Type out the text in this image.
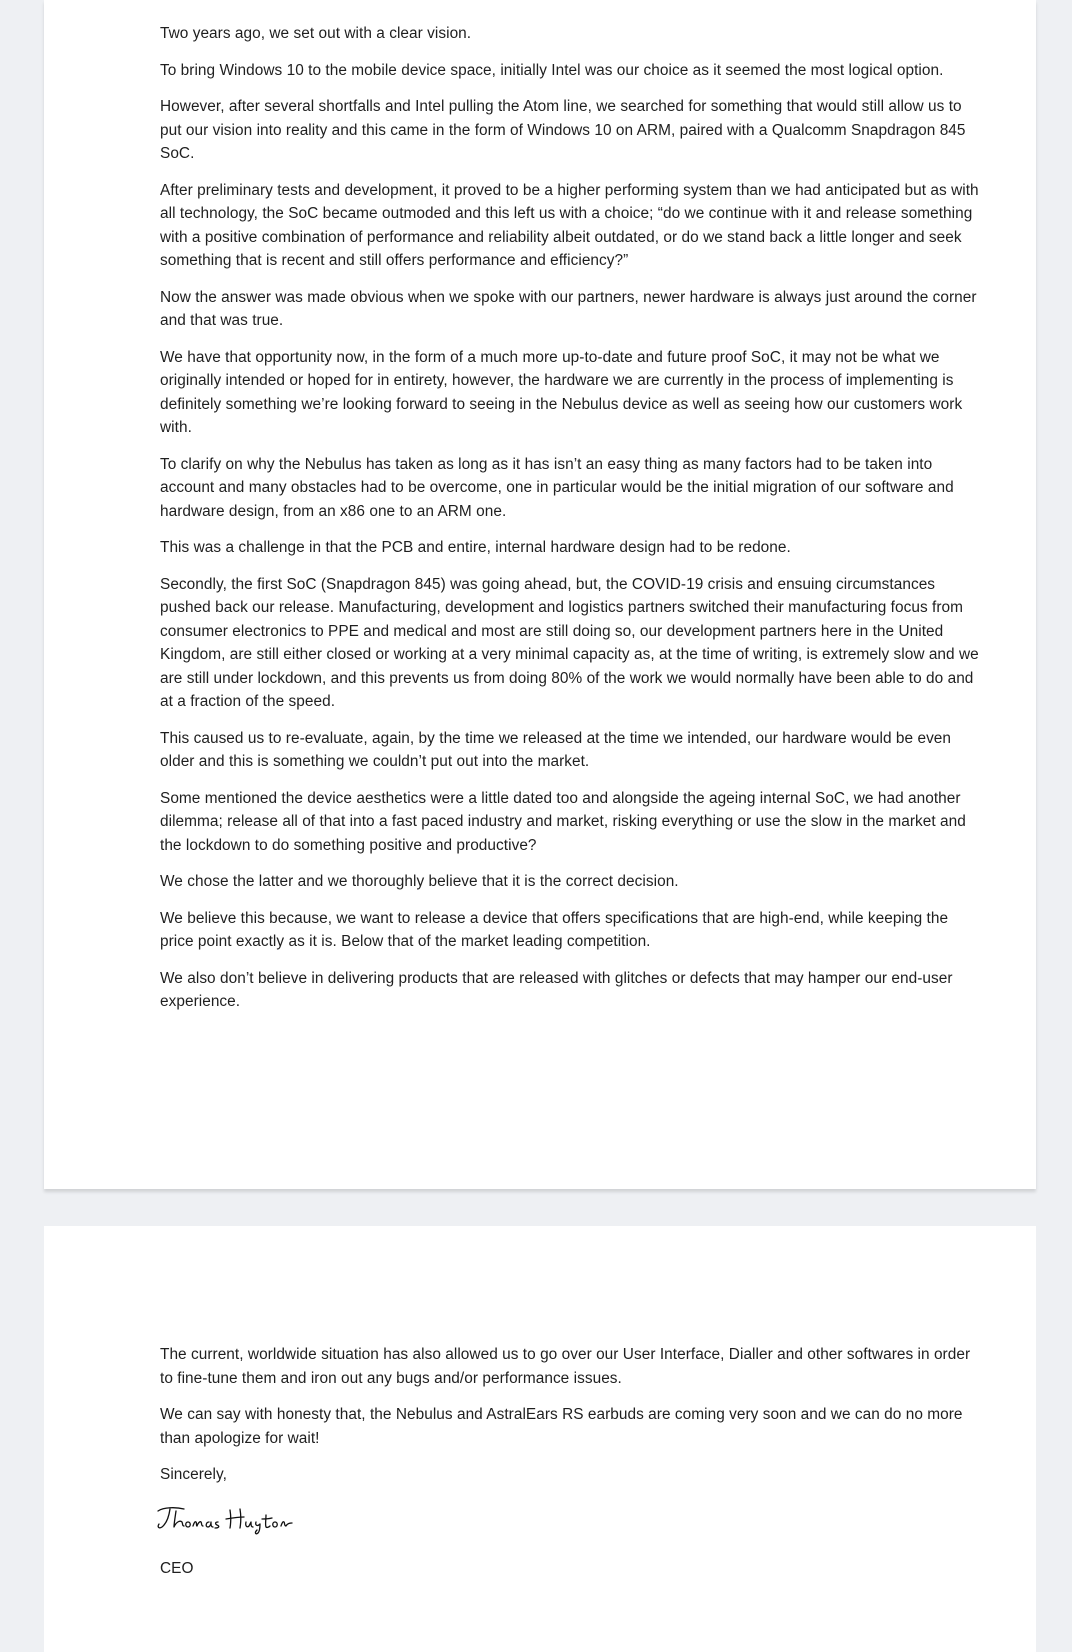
Two years ago, we set out with a clear vision.

To bring Windows 10 to the mobile device space, initially Intel was our choice as it seemed the most logical option.

However, after several shortfalls and Intel pulling the Atom line, we searched for something that would still allow us to put our vision into reality and this came in the form of Windows 10 on ARM, paired with a Qualcomm Snapdragon 845 SoC.

After preliminary tests and development, it proved to be a higher performing system than we had anticipated but as with all technology, the SoC became outmoded and this left us with a choice; “do we continue with it and release something with a positive combination of performance and reliability albeit outdated, or do we stand back a little longer and seek something that is recent and still offers performance and efficiency?”

Now the answer was made obvious when we spoke with our partners, newer hardware is always just around the corner and that was true.

We have that opportunity now, in the form of a much more up-to-date and future proof SoC, it may not be what we originally intended or hoped for in entirety, however, the hardware we are currently in the process of implementing is definitely something we’re looking forward to seeing in the Nebulus device as well as seeing how our customers work with.

To clarify on why the Nebulus has taken as long as it has isn’t an easy thing as many factors had to be taken into account and many obstacles had to be overcome, one in particular would be the initial migration of our software and hardware design, from an x86 one to an ARM one.

This was a challenge in that the PCB and entire, internal hardware design had to be redone.

Secondly, the first SoC (Snapdragon 845) was going ahead, but, the COVID-19 crisis and ensuing circumstances pushed back our release. Manufacturing, development and logistics partners switched their manufacturing focus from consumer electronics to PPE and medical and most are still doing so, our development partners here in the United Kingdom, are still either closed or working at a very minimal capacity as, at the time of writing, is extremely slow and we are still under lockdown, and this prevents us from doing 80% of the work we would normally have been able to do and at a fraction of the speed.

This caused us to re-evaluate, again, by the time we released at the time we intended, our hardware would be even older and this is something we couldn’t put out into the market.

Some mentioned the device aesthetics were a little dated too and alongside the ageing internal SoC, we had another dilemma; release all of that into a fast paced industry and market, risking everything or use the slow in the market and the lockdown to do something positive and productive?

We chose the latter and we thoroughly believe that it is the correct decision.

We believe this because, we want to release a device that offers specifications that are high-end, while keeping the price point exactly as it is. Below that of the market leading competition.

We also don’t believe in delivering products that are released with glitches or defects that may hamper our end-user experience.

The current, worldwide situation has also allowed us to go over our User Interface, Dialler and other softwares in order to fine-tune them and iron out any bugs and/or performance issues.

We can say with honesty that, the Nebulus and AstralEars RS earbuds are coming very soon and we can do no more than apologize for wait!

Sincerely,

CEO
